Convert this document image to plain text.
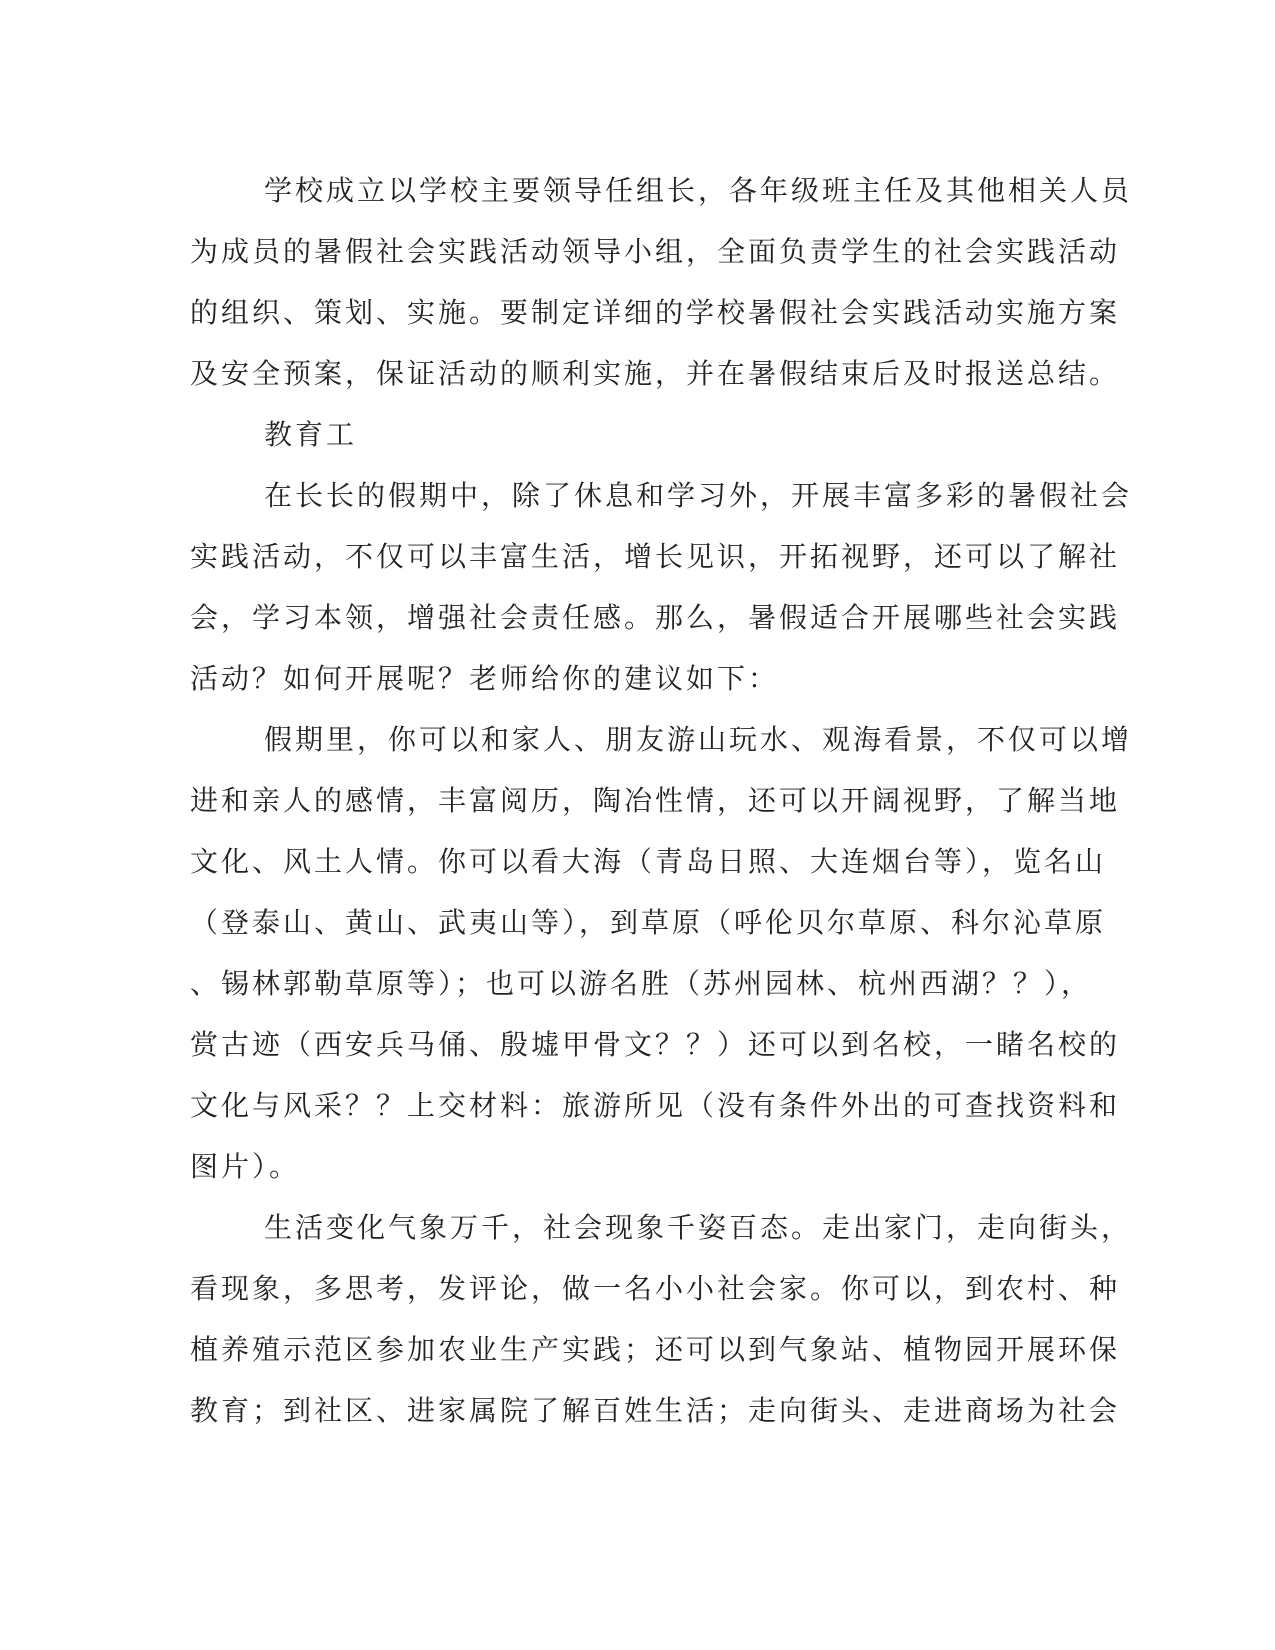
学校成立以学校主要领导任组长，各年级班主任及其他相关人员
为成员的暑假社会实践活动领导小组，全面负责学生的社会实践活动
的组织、策划、实施。要制定详细的学校暑假社会实践活动实施方案
及安全预案，保证活动的顺利实施，并在暑假结束后及时报送总结。

教育工

在长长的假期中，除了休息和学习外，开展丰富多彩的暑假社会
实践活动，不仅可以丰富生活，增长见识，开拓视野，还可以了解社
会，学习本领，增强社会责任感。那么，暑假适合开展哪些社会实践
活动？如何开展呢？老师给你的建议如下：

假期里，你可以和家人、朋友游山玩水、观海看景，不仅可以增
进和亲人的感情，丰富阅历，陶冶性情，还可以开阔视野，了解当地
文化、风土人情。你可以看大海（青岛日照、大连烟台等），览名山
（登泰山、黄山、武夷山等），到草原（呼伦贝尔草原、科尔沁草原
、锡林郭勒草原等）；也可以游名胜（苏州园林、杭州西湖？？），
赏古迹（西安兵马俑、殷墟甲骨文？？）还可以到名校，一睹名校的
文化与风采？？上交材料：旅游所见（没有条件外出的可查找资料和
图片）。

生活变化气象万千，社会现象千姿百态。走出家门，走向街头，
看现象，多思考，发评论，做一名小小社会家。你可以，到农村、种
植养殖示范区参加农业生产实践；还可以到气象站、植物园开展环保
教育；到社区、进家属院了解百姓生活；走向街头、走进商场为社会
